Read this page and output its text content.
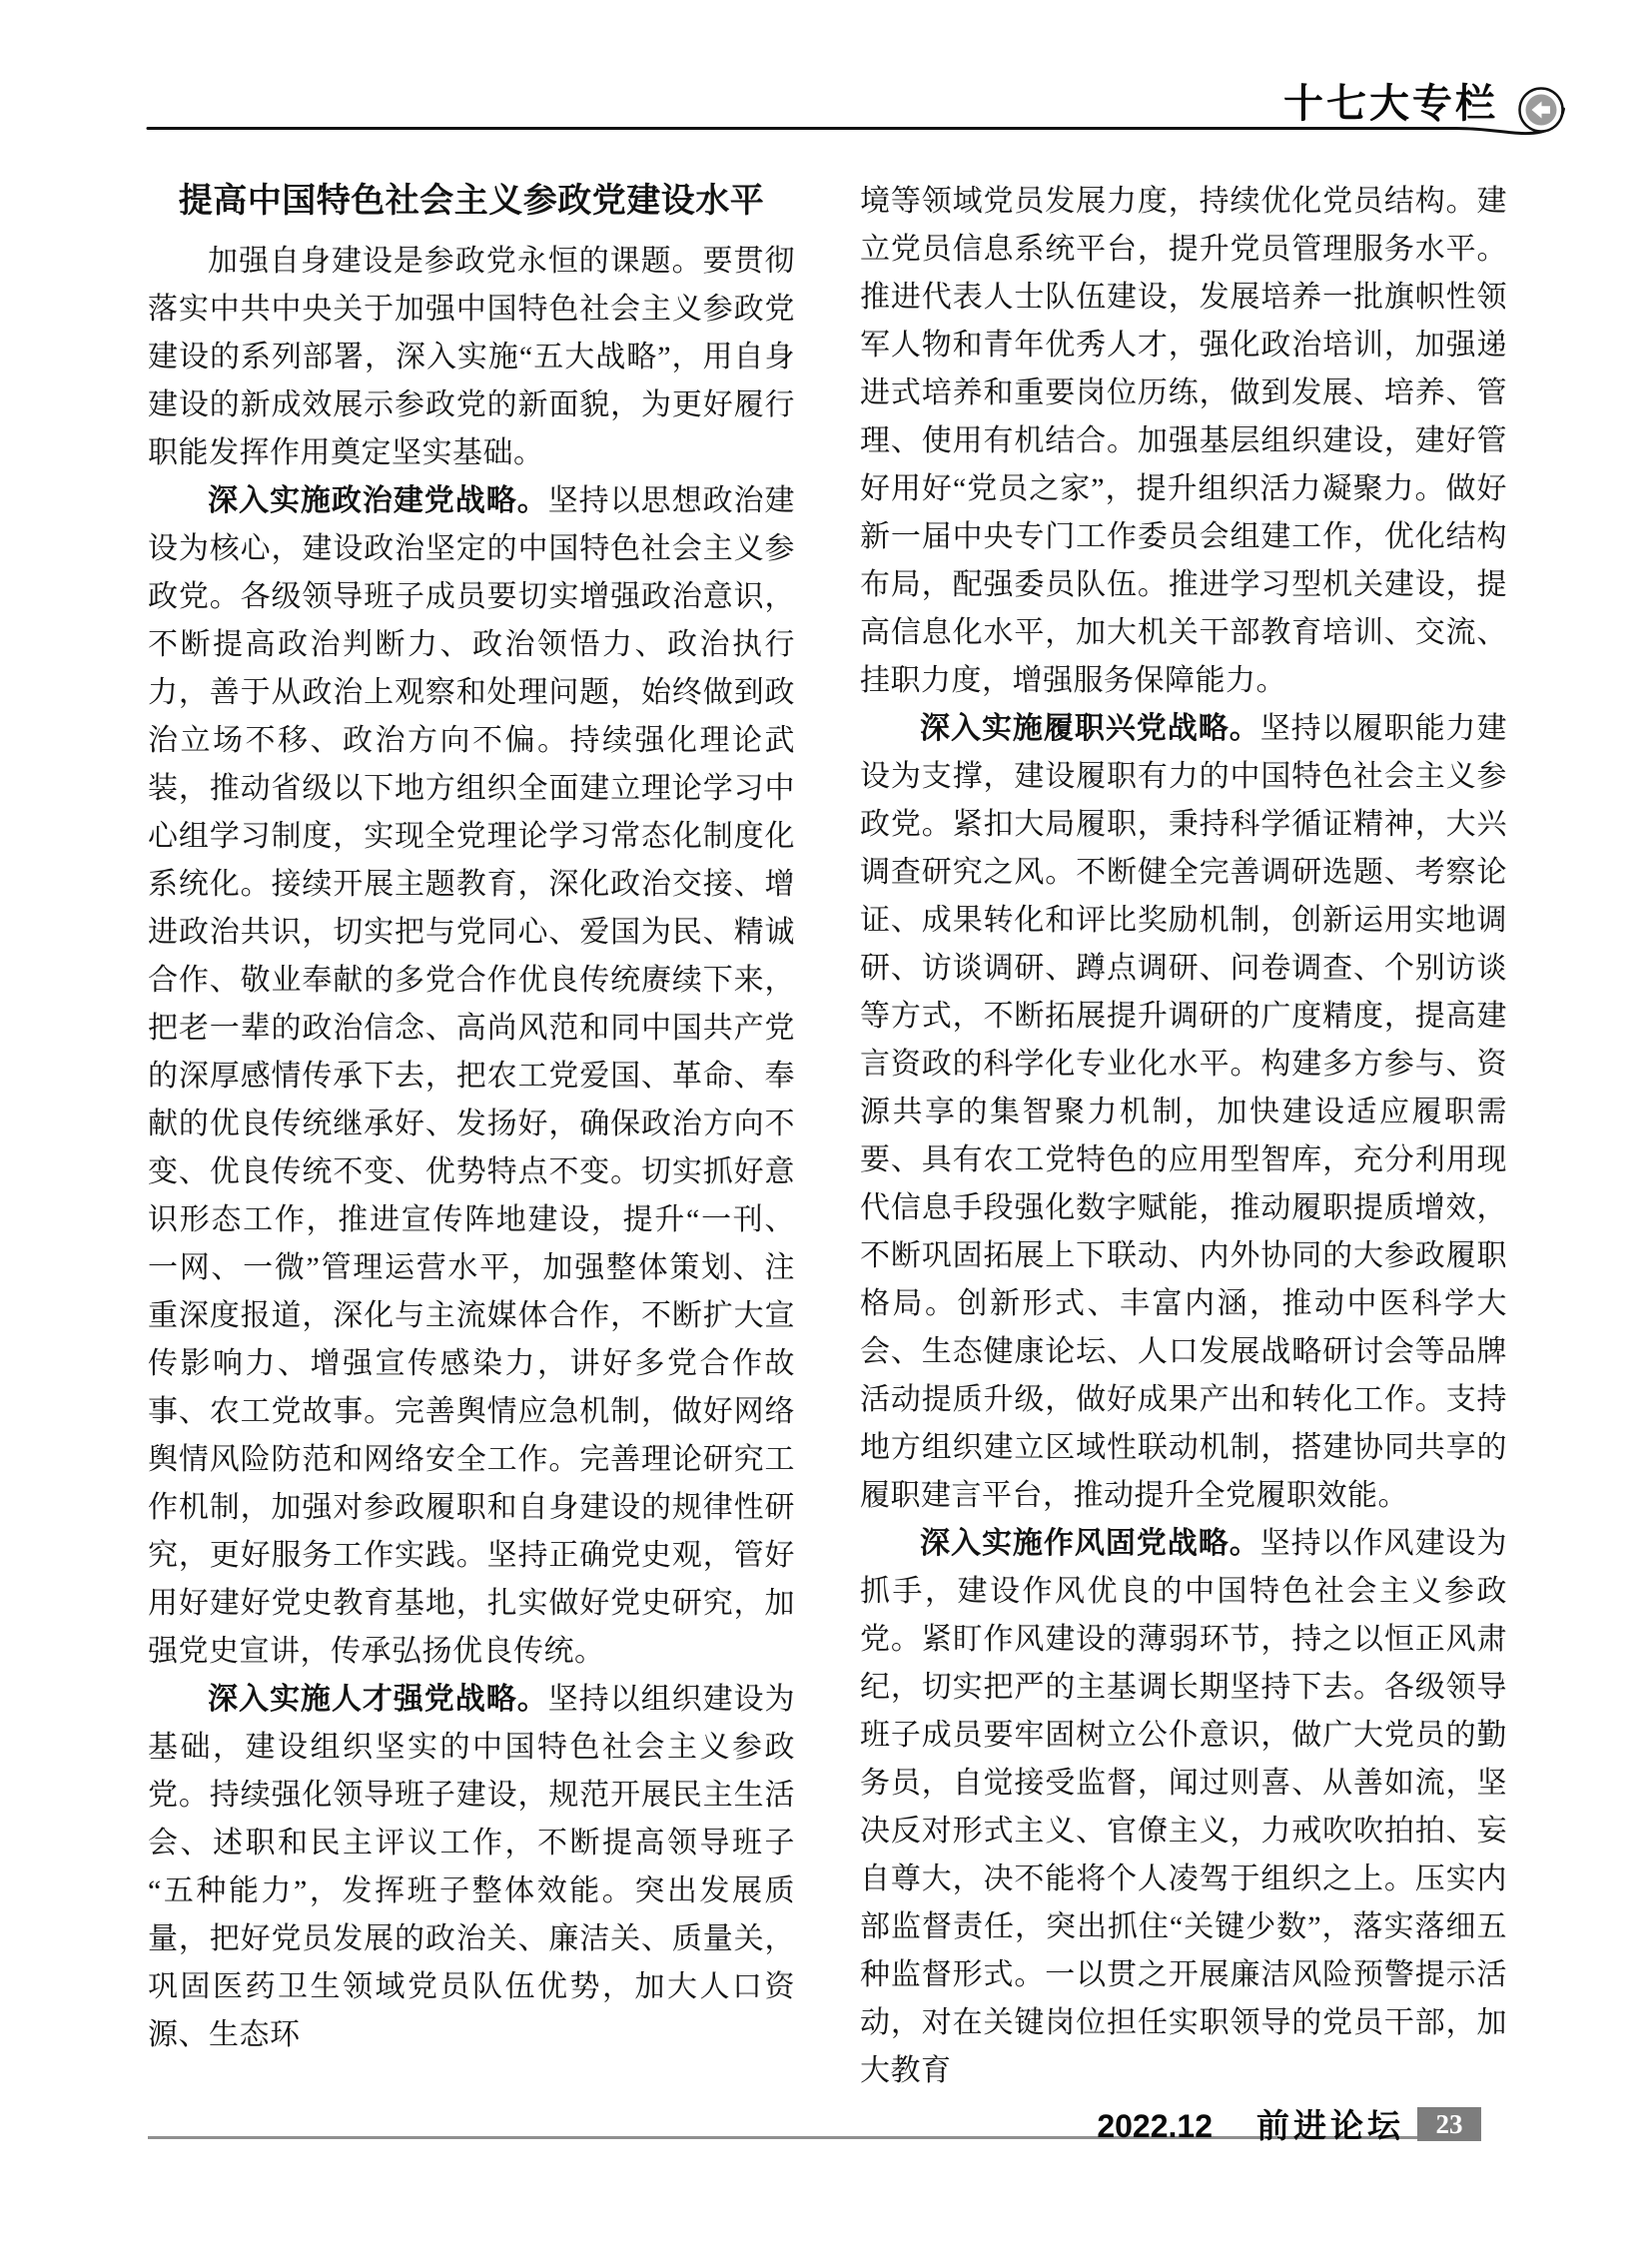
十七大专栏
提高中国特色社会主义参政党建设水平

加强自身建设是参政党永恒的课题。要贯彻落实中共中央关于加强中国特色社会主义参政党建设的系列部署，深入实施“五大战略”，用自身建设的新成效展示参政党的新面貌，为更好履行职能发挥作用奠定坚实基础。

深入实施政治建党战略。坚持以思想政治建设为核心，建设政治坚定的中国特色社会主义参政党。各级领导班子成员要切实增强政治意识，不断提高政治判断力、政治领悟力、政治执行力，善于从政治上观察和处理问题，始终做到政治立场不移、政治方向不偏。持续强化理论武装，推动省级以下地方组织全面建立理论学习中心组学习制度，实现全党理论学习常态化制度化系统化。接续开展主题教育，深化政治交接、增进政治共识，切实把与党同心、爱国为民、精诚合作、敬业奉献的多党合作优良传统赓续下来，把老一辈的政治信念、高尚风范和同中国共产党的深厚感情传承下去，把农工党爱国、革命、奉献的优良传统继承好、发扬好，确保政治方向不变、优良传统不变、优势特点不变。切实抓好意识形态工作，推进宣传阵地建设，提升“一刊、一网、一微”管理运营水平，加强整体策划、注重深度报道，深化与主流媒体合作，不断扩大宣传影响力、增强宣传感染力，讲好多党合作故事、农工党故事。完善舆情应急机制，做好网络舆情风险防范和网络安全工作。完善理论研究工作机制，加强对参政履职和自身建设的规律性研究，更好服务工作实践。坚持正确党史观，管好用好建好党史教育基地，扎实做好党史研究，加强党史宣讲，传承弘扬优良传统。

深入实施人才强党战略。坚持以组织建设为基础，建设组织坚实的中国特色社会主义参政党。持续强化领导班子建设，规范开展民主生活会、述职和民主评议工作，不断提高领导班子“五种能力”，发挥班子整体效能。突出发展质量，把好党员发展的政治关、廉洁关、质量关，巩固医药卫生领域党员队伍优势，加大人口资源、生态环

境等领域党员发展力度，持续优化党员结构。建立党员信息系统平台，提升党员管理服务水平。推进代表人士队伍建设，发展培养一批旗帜性领军人物和青年优秀人才，强化政治培训，加强递进式培养和重要岗位历练，做到发展、培养、管理、使用有机结合。加强基层组织建设，建好管好用好“党员之家”，提升组织活力凝聚力。做好新一届中央专门工作委员会组建工作，优化结构布局，配强委员队伍。推进学习型机关建设，提高信息化水平，加大机关干部教育培训、交流、挂职力度，增强服务保障能力。

深入实施履职兴党战略。坚持以履职能力建设为支撑，建设履职有力的中国特色社会主义参政党。紧扣大局履职，秉持科学循证精神，大兴调查研究之风。不断健全完善调研选题、考察论证、成果转化和评比奖励机制，创新运用实地调研、访谈调研、蹲点调研、问卷调查、个别访谈等方式，不断拓展提升调研的广度精度，提高建言资政的科学化专业化水平。构建多方参与、资源共享的集智聚力机制，加快建设适应履职需要、具有农工党特色的应用型智库，充分利用现代信息手段强化数字赋能，推动履职提质增效，不断巩固拓展上下联动、内外协同的大参政履职格局。创新形式、丰富内涵，推动中医科学大会、生态健康论坛、人口发展战略研讨会等品牌活动提质升级，做好成果产出和转化工作。支持地方组织建立区域性联动机制，搭建协同共享的履职建言平台，推动提升全党履职效能。

深入实施作风固党战略。坚持以作风建设为抓手，建设作风优良的中国特色社会主义参政党。紧盯作风建设的薄弱环节，持之以恒正风肃纪，切实把严的主基调长期坚持下去。各级领导班子成员要牢固树立公仆意识，做广大党员的勤务员，自觉接受监督，闻过则喜、从善如流，坚决反对形式主义、官僚主义，力戒吹吹拍拍、妄自尊大，决不能将个人凌驾于组织之上。压实内部监督责任，突出抓住“关键少数”，落实落细五种监督形式。一以贯之开展廉洁风险预警提示活动，对在关键岗位担任实职领导的党员干部，加大教育

2022.12 前进论坛	23
